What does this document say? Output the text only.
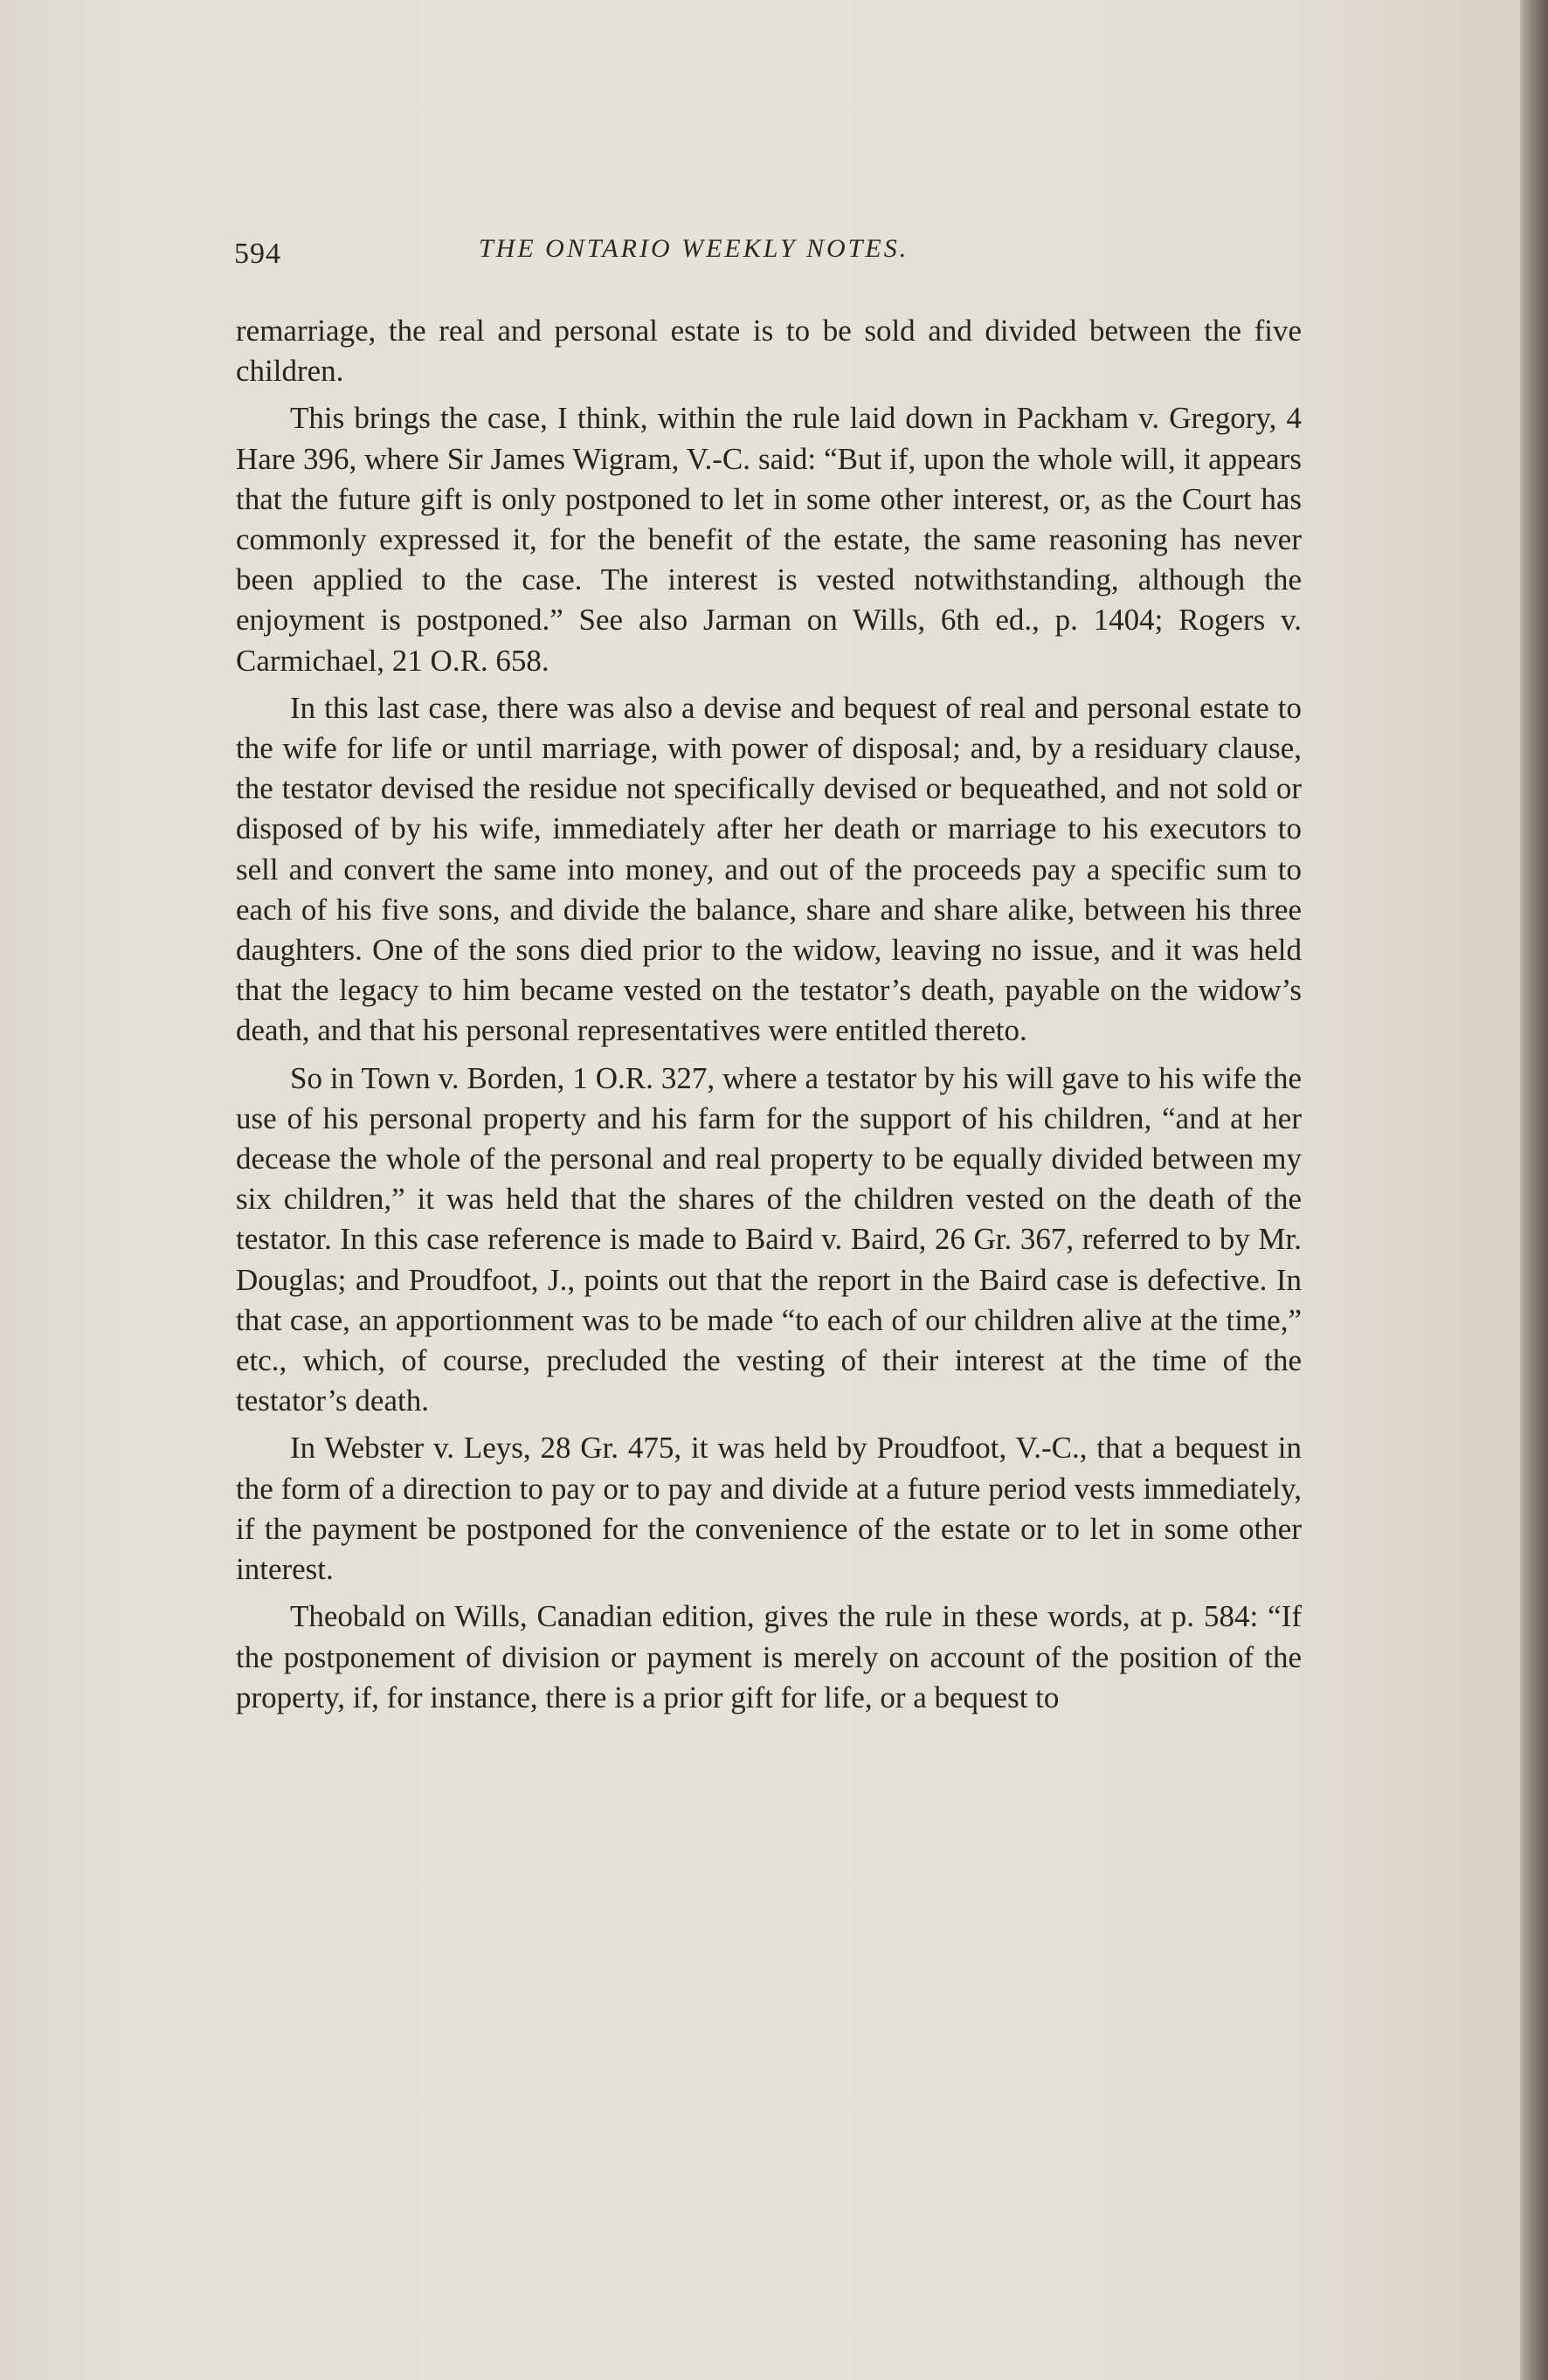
594	THE ONTARIO WEEKLY NOTES.

remarriage, the real and personal estate is to be sold and divided between the five children.

This brings the case, I think, within the rule laid down in Packham v. Gregory, 4 Hare 396, where Sir James Wigram, V.-C. said: “But if, upon the whole will, it appears that the future gift is only postponed to let in some other interest, or, as the Court has commonly expressed it, for the benefit of the estate, the same reasoning has never been applied to the case. The interest is vested notwithstanding, although the enjoyment is postponed.” See also Jarman on Wills, 6th ed., p. 1404; Rogers v. Carmichael, 21 O.R. 658.

In this last case, there was also a devise and bequest of real and personal estate to the wife for life or until marriage, with power of disposal; and, by a residuary clause, the testator devised the residue not specifically devised or bequeathed, and not sold or disposed of by his wife, immediately after her death or marriage to his executors to sell and convert the same into money, and out of the proceeds pay a specific sum to each of his five sons, and divide the balance, share and share alike, between his three daughters. One of the sons died prior to the widow, leaving no issue, and it was held that the legacy to him became vested on the testator’s death, payable on the widow’s death, and that his personal representatives were entitled thereto.

So in Town v. Borden, 1 O.R. 327, where a testator by his will gave to his wife the use of his personal property and his farm for the support of his children, “and at her decease the whole of the personal and real property to be equally divided between my six children,” it was held that the shares of the children vested on the death of the testator. In this case reference is made to Baird v. Baird, 26 Gr. 367, referred to by Mr. Douglas; and Proudfoot, J., points out that the report in the Baird case is defective. In that case, an apportionment was to be made “to each of our children alive at the time,” etc., which, of course, precluded the vesting of their interest at the time of the testator’s death.

In Webster v. Leys, 28 Gr. 475, it was held by Proudfoot, V.-C., that a bequest in the form of a direction to pay or to pay and divide at a future period vests immediately, if the payment be postponed for the convenience of the estate or to let in some other interest.

Theobald on Wills, Canadian edition, gives the rule in these words, at p. 584: “If the postponement of division or payment is merely on account of the position of the property, if, for instance, there is a prior gift for life, or a bequest to
